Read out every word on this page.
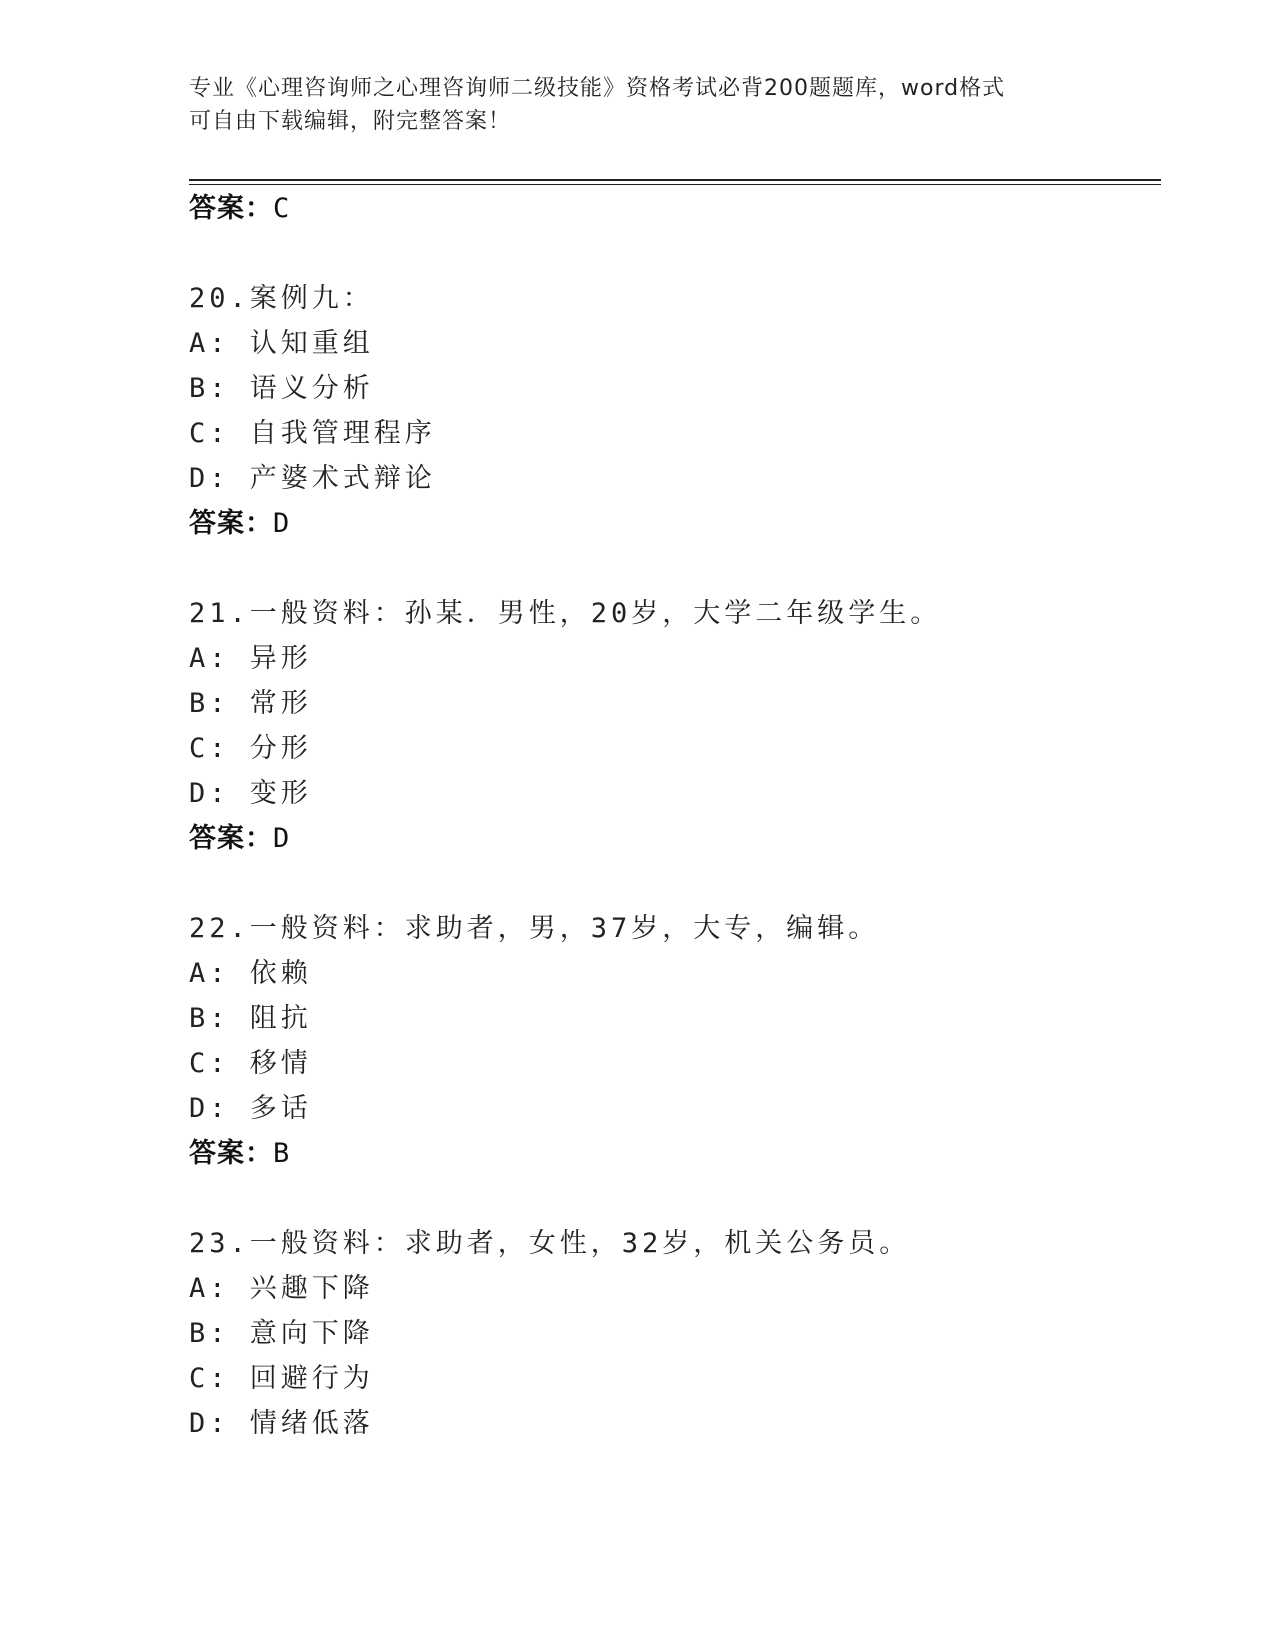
专业《心理咨询师之心理咨询师二级技能》资格考试必背200题题库，word格式
可自由下载编辑，附完整答案！
答案：C
20.案例九：
A: 认知重组
B: 语义分析
C: 自我管理程序
D: 产婆术式辩论
答案：D
21.一般资料：孙某．男性，20岁，大学二年级学生。
A: 异形
B: 常形
C: 分形
D: 变形
答案：D
22.一般资料：求助者，男，37岁，大专，编辑。
A: 依赖
B: 阻抗
C: 移情
D: 多话
答案：B
23.一般资料：求助者，女性，32岁，机关公务员。
A: 兴趣下降
B: 意向下降
C: 回避行为
D: 情绪低落
